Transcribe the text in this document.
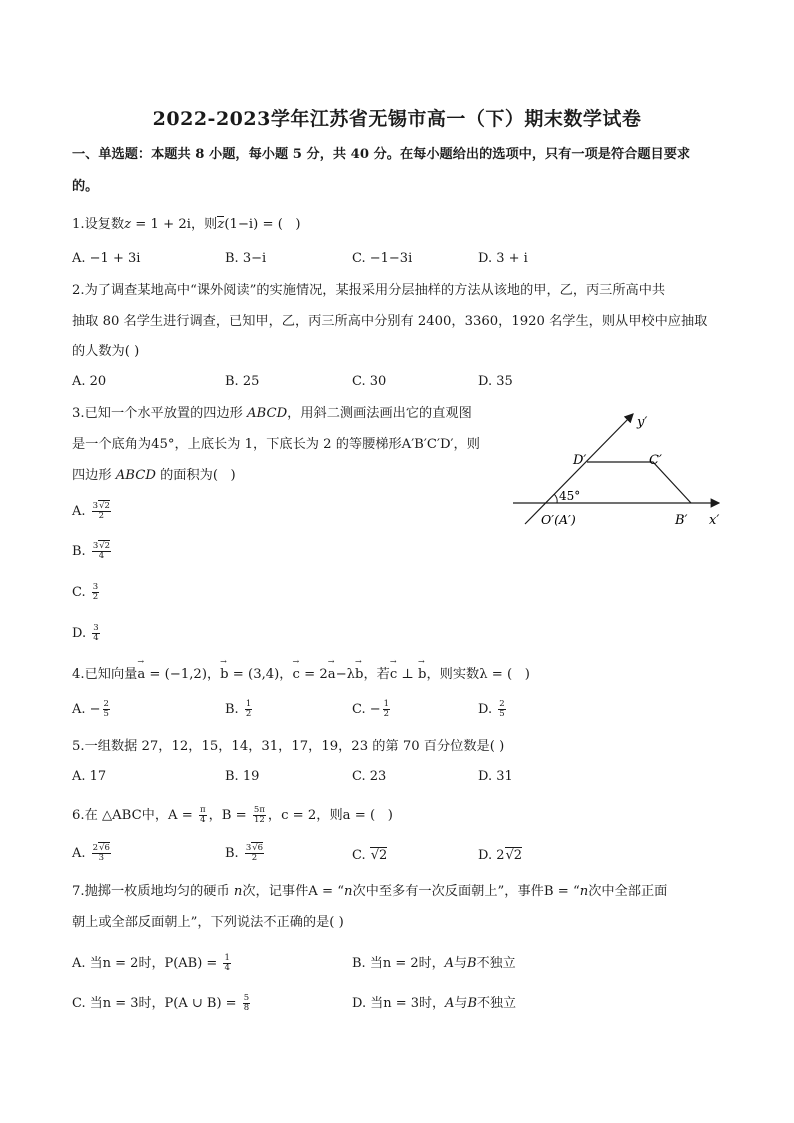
2022-2023学年江苏省无锡市高一（下）期末数学试卷
一、单选题：本题共 8 小题，每小题 5 分，共 40 分。在每小题给出的选项中，只有一项是符合题目要求
的。
1.设复数z = 1 + 2i，则z(1−i) = (   )
A. −1 + 3i	B. 3−i	C. −1−3i	D. 3 + i
2.为了调查某地高中“课外阅读”的实施情况，某报采用分层抽样的方法从该地的甲，乙，丙三所高中共
抽取 80 名学生进行调查，已知甲，乙，丙三所高中分别有 2400，3360，1920 名学生，则从甲校中应抽取
的人数为( )
A. 20	B. 25	C. 30	D. 35
3.已知一个水平放置的四边形 ABCD，用斜二测画法画出它的直观图
是一个底角为45°，上底长为 1，下底长为 2 的等腰梯形A′B′C′D′，则
四边形 ABCD 的面积为(   )
A. $\frac{3√2}{2}$
B. $\frac{3√2}{4}$
C. $\frac{3}{2}$
D. $\frac{3}{4}$
y′
x′
D′	C′
45°
O′(A′)	B′
4.已知向量→ a = (−1,2)，→ b = (3,4)，→ c = 2→ a−λ→ b，若→ c ⊥ → b，则实数λ = (   )
A. − $\frac{2}{5}$	B. $\frac{1}{2}$	C. − $\frac{1}{2}$	D. $\frac{2}{5}$
5.一组数据 27，12，15，14，31，17，19，23 的第 70 百分位数是( )
A. 17	B. 19	C. 23	D. 31
6.在 △ABC中，$A = \frac{\pi}{4}$ ，$B = \frac{5\pi}{12}$ ，c = 2，则a = (   )
A. $\frac{2√6}{3}$	B. $\frac{3√6}{2}$	C. √2	D. 2√2
7.抛掷一枚质地均匀的硬币 n次，记事件A = “n次中至多有一次反面朝上”，事件B = “n次中全部正面
朝上或全部反面朝上”，下列说法不正确的是( )
A. 当n = 2时，$P(AB) = \frac{1}{4}$	B. 当n = 2时，A与B不独立
C. 当n = 3时，P(A ∪ $B) = \frac{5}{8}$	D. 当n = 3时，A与B不独立
